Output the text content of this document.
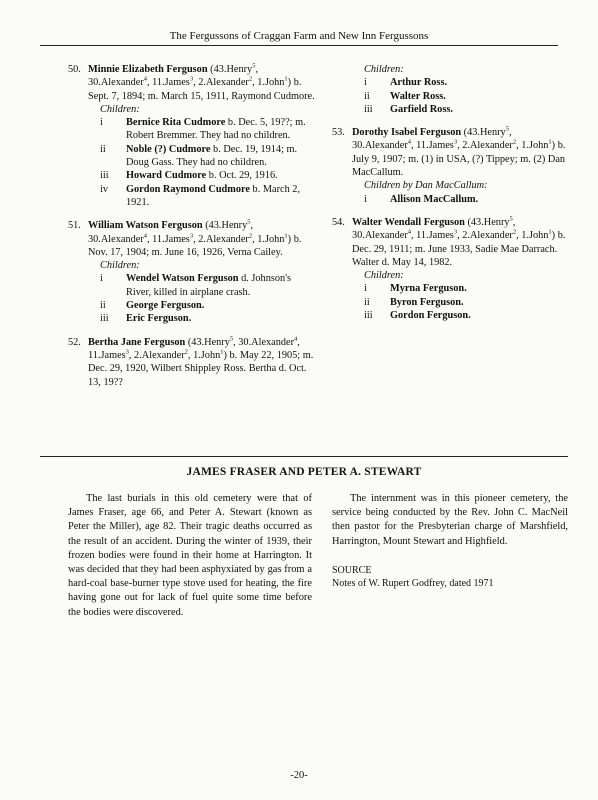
The Fergussons of Craggan Farm and New Inn Fergussons
50. Minnie Elizabeth Ferguson (43.Henry$^5$, 30.Alexander$^4$, 11.James$^3$, 2.Alexander$^2$, 1.John$^1$) b. Sept. 7, 1894; m. March 15, 1911, Raymond Cudmore.
Children:
i Bernice Rita Cudmore b. Dec. 5, 19??; m. Robert Bremmer. They had no children.
ii Noble (?) Cudmore b. Dec. 19, 1914; m. Doug Gass. They had no children.
iii Howard Cudmore b. Oct. 29, 1916.
iv Gordon Raymond Cudmore b. March 2, 1921.
51. William Watson Ferguson (43.Henry$^5$, 30.Alexander$^4$, 11.James$^3$, 2.Alexander$^2$, 1.John$^1$) b. Nov. 17, 1904; m. June 16, 1926, Verna Cailey.
Children:
i Wendel Watson Ferguson d. Johnson's River, killed in airplane crash.
ii George Ferguson.
iii Eric Ferguson.
52. Bertha Jane Ferguson (43.Henry$^5$, 30.Alexander$^4$, 11.James$^3$, 2.Alexander$^2$, 1.John$^1$) b. May 22, 1905; m. Dec. 29, 1920, Wilbert Shippley Ross. Bertha d. Oct. 13, 19??
Children:
i Arthur Ross.
ii Walter Ross.
iii Garfield Ross.
53. Dorothy Isabel Ferguson (43.Henry$^5$, 30.Alexander$^4$, 11.James$^3$, 2.Alexander$^2$, 1.John$^1$) b. July 9, 1907; m. (1) in USA, (?) Tippey; m. (2) Dan MacCallum.
Children by Dan MacCallum:
i Allison MacCallum.
54. Walter Wendall Ferguson (43.Henry$^5$, 30.Alexander$^4$, 11.James$^3$, 2.Alexander$^2$, 1.John$^1$) b. Dec. 29, 1911; m. June 1933, Sadie Mae Darrach. Walter d. May 14, 1982.
Children:
i Myrna Ferguson.
ii Byron Ferguson.
iii Gordon Ferguson.
JAMES FRASER AND PETER A. STEWART
The last burials in this old cemetery were that of James Fraser, age 66, and Peter A. Stewart (known as Peter the Miller), age 82. Their tragic deaths occurred as the result of an accident. During the winter of 1939, their frozen bodies were found in their home at Harrington. It was decided that they had been asphyxiated by gas from a hard-coal base-burner type stove used for heating, the fire having gone out for lack of fuel quite some time before the bodies were discovered.
The internment was in this pioneer cemetery, the service being conducted by the Rev. John C. MacNeil then pastor for the Presbyterian charge of Marshfield, Harrington, Mount Stewart and Highfield.
SOURCE
Notes of W. Rupert Godfrey, dated 1971
-20-
